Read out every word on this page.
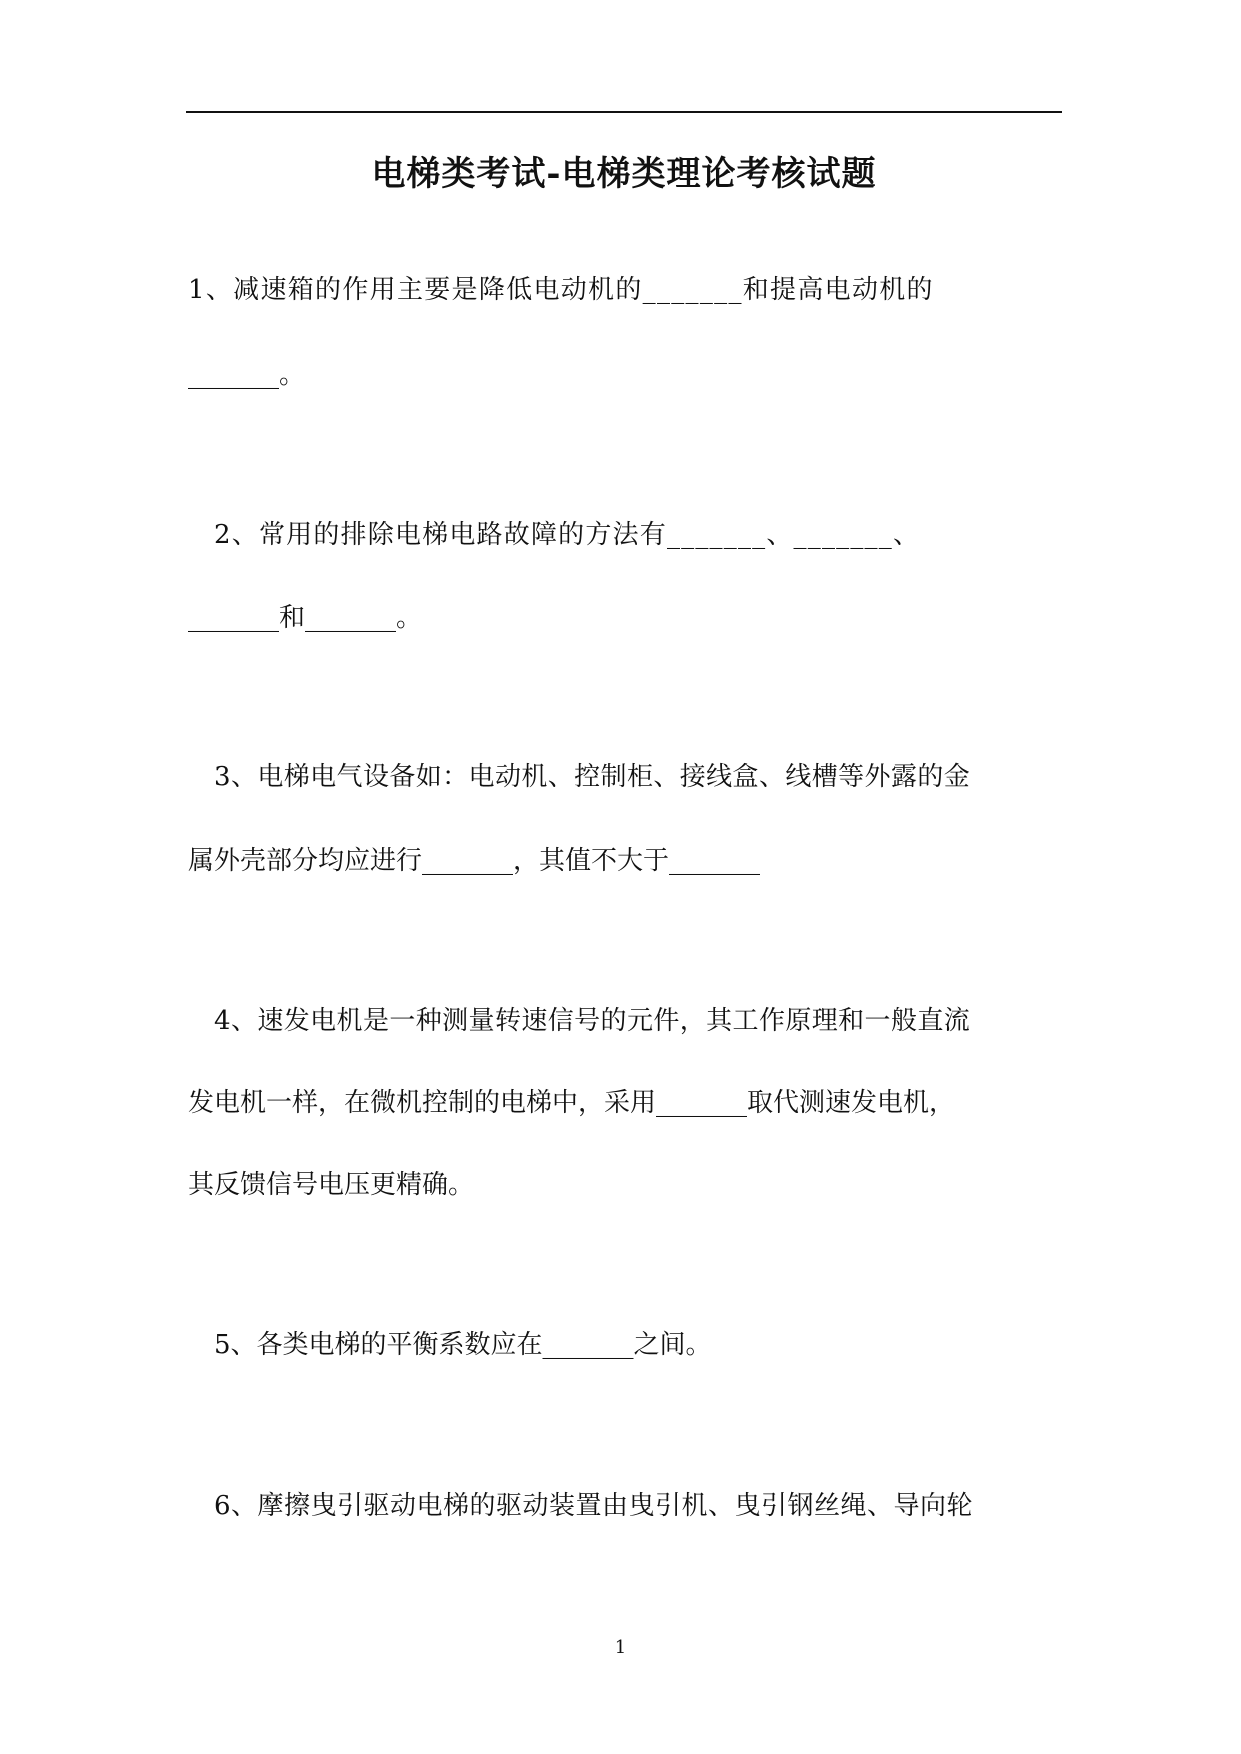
电梯类考试-电梯类理论考核试题
1、减速箱的作用主要是降低电动机的_______和提高电动机的
_______。
2、常用的排除电梯电路故障的方法有_______、_______、
_______和_______。
3、电梯电气设备如：电动机、控制柜、接线盒、线槽等外露的金
属外壳部分均应进行_______，其值不大于_______
4、速发电机是一种测量转速信号的元件，其工作原理和一般直流
发电机一样，在微机控制的电梯中，采用_______取代测速发电机，
其反馈信号电压更精确。
5、各类电梯的平衡系数应在_______之间。
6、摩擦曳引驱动电梯的驱动装置由曳引机、曳引钢丝绳、导向轮
1
